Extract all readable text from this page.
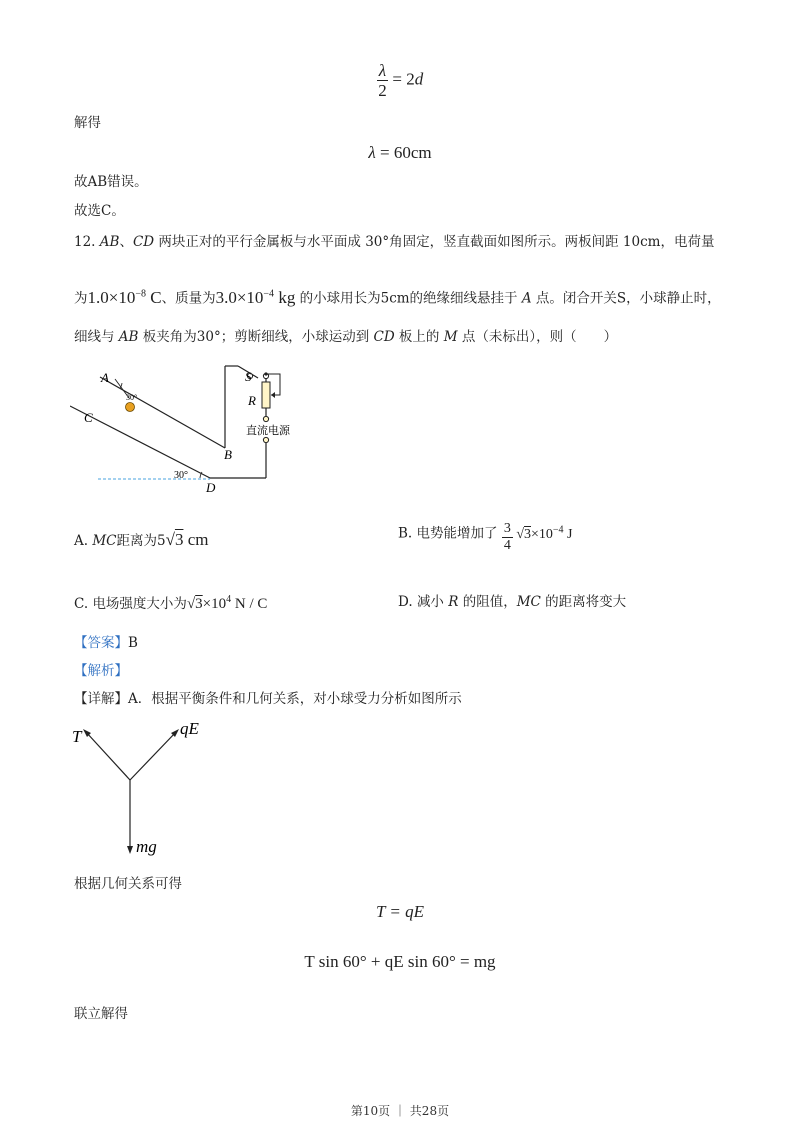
$\frac{\lambda}{2} = 2d$
解得
λ = 60cm
故AB错误。
故选C。
12. AB、CD 两块正对的平行金属板与水平面成 30°角固定，竖直截面如图所示。两板间距 10cm，电荷量
为$1.0\times 10^{-8}$ C、质量为$3.0\times 10^{-4}$ kg 的小球用长为5cm的绝缘细线悬挂于 A 点。闭合开关S，小球静止时，
细线与 AB 板夹角为30°；剪断细线，小球运动到 CD 板上的 M 点（未标出），则（　　）
A
30°
C
B
D
S
R
30°
直流电源
A. MC距离为5√3 cm	B. 电势能增加了 $\frac{3}{4} √3\times 10^{-4}$ J
C. 电场强度大小为$√3\times 10^4$ N / C	D. 减小 R 的阻值，MC 的距离将变大
【答案】B
【解析】
【详解】A．根据平衡条件和几何关系，对小球受力分析如图所示
T	qE
mg
根据几何关系可得
T = qE
T sin 60° + qE sin 60° = mg
联立解得
第10页 ｜ 共28页
